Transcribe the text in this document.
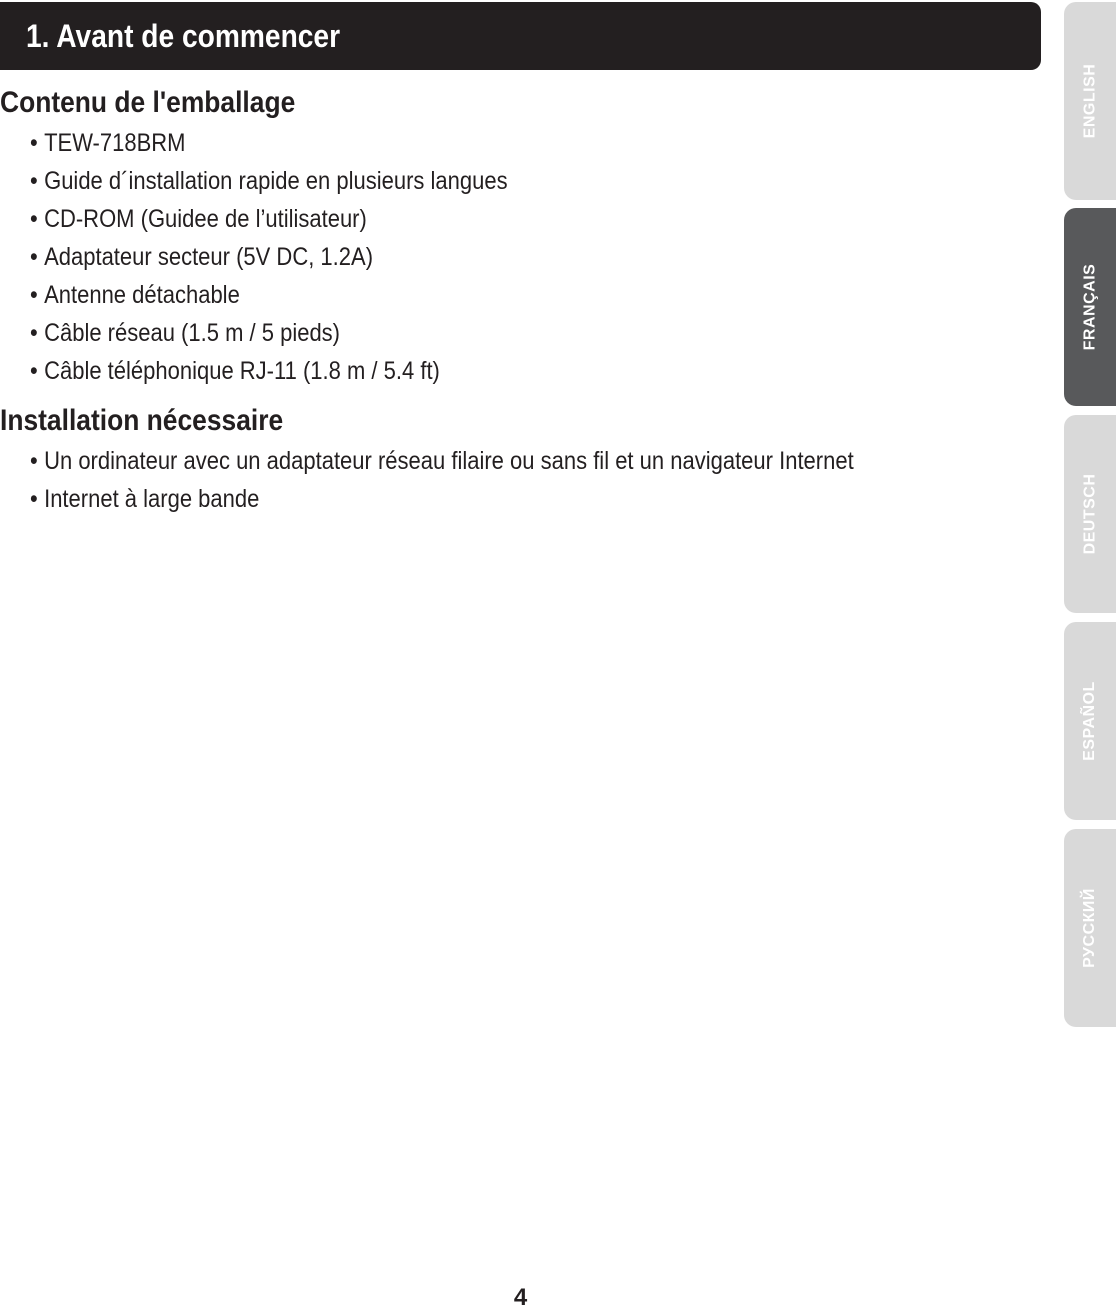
1. Avant de commencer
Contenu de l'emballage
• TEW-718BRM
• Guide d´installation rapide en plusieurs langues
• CD-ROM (Guidee de l’utilisateur)
• Adaptateur secteur (5V DC, 1.2A)
• Antenne détachable
• Câble réseau (1.5 m / 5 pieds)
• Câble téléphonique RJ-11 (1.8 m / 5.4 ft)
Installation nécessaire
• Un ordinateur avec un adaptateur réseau filaire ou sans fil et un navigateur Internet
• Internet à large bande
ENGLISH
FRANÇAIS
DEUTSCH
ESPAÑOL
РУССКИЙ
4
